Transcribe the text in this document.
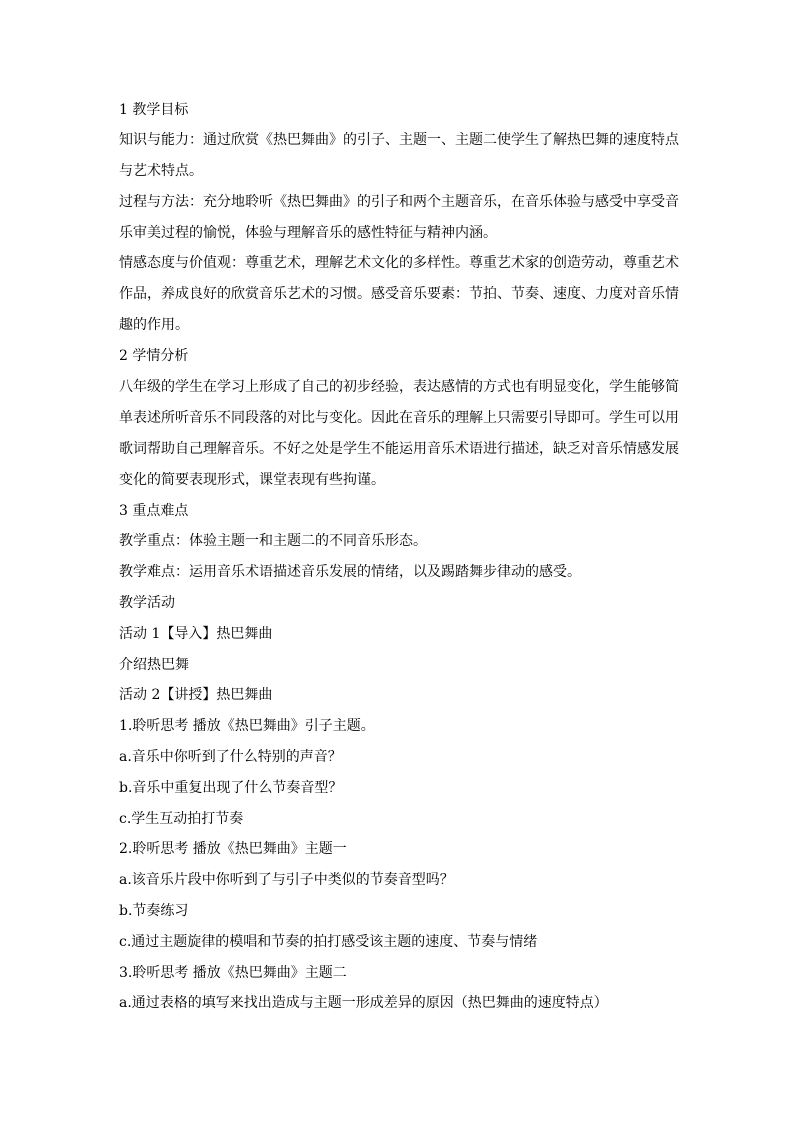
1 教学目标
知识与能力：通过欣赏《热巴舞曲》的引子、主题一、主题二使学生了解热巴舞的速度特点
与艺术特点。
过程与方法：充分地聆听《热巴舞曲》的引子和两个主题音乐，在音乐体验与感受中享受音
乐审美过程的愉悦，体验与理解音乐的感性特征与精神内涵。
情感态度与价值观：尊重艺术，理解艺术文化的多样性。尊重艺术家的创造劳动，尊重艺术
作品，养成良好的欣赏音乐艺术的习惯。感受音乐要素：节拍、节奏、速度、力度对音乐情
趣的作用。
2 学情分析
八年级的学生在学习上形成了自己的初步经验，表达感情的方式也有明显变化，学生能够简
单表述所听音乐不同段落的对比与变化。因此在音乐的理解上只需要引导即可。学生可以用
歌词帮助自己理解音乐。不好之处是学生不能运用音乐术语进行描述，缺乏对音乐情感发展
变化的简要表现形式，课堂表现有些拘谨。
3 重点难点
教学重点：体验主题一和主题二的不同音乐形态。
教学难点：运用音乐术语描述音乐发展的情绪，以及踢踏舞步律动的感受。
教学活动
活动 1【导入】热巴舞曲
介绍热巴舞
活动 2【讲授】热巴舞曲
1.聆听思考 播放《热巴舞曲》引子主题。
a.音乐中你听到了什么特别的声音？
b.音乐中重复出现了什么节奏音型？
c.学生互动拍打节奏
2.聆听思考 播放《热巴舞曲》主题一
a.该音乐片段中你听到了与引子中类似的节奏音型吗？
b.节奏练习
c.通过主题旋律的模唱和节奏的拍打感受该主题的速度、节奏与情绪
3.聆听思考 播放《热巴舞曲》主题二
a.通过表格的填写来找出造成与主题一形成差异的原因（热巴舞曲的速度特点）
